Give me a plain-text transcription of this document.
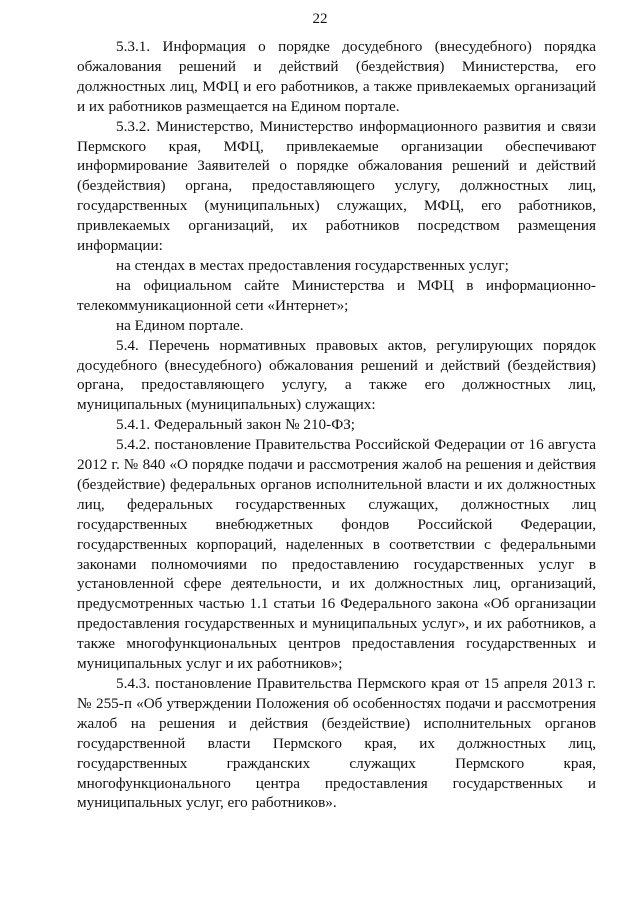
22

5.3.1. Информация о порядке досудебного (внесудебного) порядка обжалования решений и действий (бездействия) Министерства, его должностных лиц, МФЦ и его работников, а также привлекаемых организаций и их работников размещается на Едином портале.

5.3.2. Министерство, Министерство информационного развития и связи Пермского края, МФЦ, привлекаемые организации обеспечивают информирование Заявителей о порядке обжалования решений и действий (бездействия) органа, предоставляющего услугу, должностных лиц, государственных (муниципальных) служащих, МФЦ, его работников, привлекаемых организаций, их работников посредством размещения информации:

на стендах в местах предоставления государственных услуг;

на официальном сайте Министерства и МФЦ в информационно-телекоммуникационной сети «Интернет»;

на Едином портале.

5.4. Перечень нормативных правовых актов, регулирующих порядок досудебного (внесудебного) обжалования решений и действий (бездействия) органа, предоставляющего услугу, а также его должностных лиц, муниципальных (муниципальных) служащих:

5.4.1. Федеральный закон № 210-ФЗ;

5.4.2. постановление Правительства Российской Федерации от 16 августа 2012 г. № 840 «О порядке подачи и рассмотрения жалоб на решения и действия (бездействие) федеральных органов исполнительной власти и их должностных лиц, федеральных государственных служащих, должностных лиц государственных внебюджетных фондов Российской Федерации, государственных корпораций, наделенных в соответствии с федеральными законами полномочиями по предоставлению государственных услуг в установленной сфере деятельности, и их должностных лиц, организаций, предусмотренных частью 1.1 статьи 16 Федерального закона «Об организации предоставления государственных и муниципальных услуг», и их работников, а также многофункциональных центров предоставления государственных и муниципальных услуг и их работников»;

5.4.3. постановление Правительства Пермского края от 15 апреля 2013 г. № 255-п «Об утверждении Положения об особенностях подачи и рассмотрения жалоб на решения и действия (бездействие) исполнительных органов государственной власти Пермского края, их должностных лиц, государственных гражданских служащих Пермского края, многофункционального центра предоставления государственных и муниципальных услуг, его работников».
